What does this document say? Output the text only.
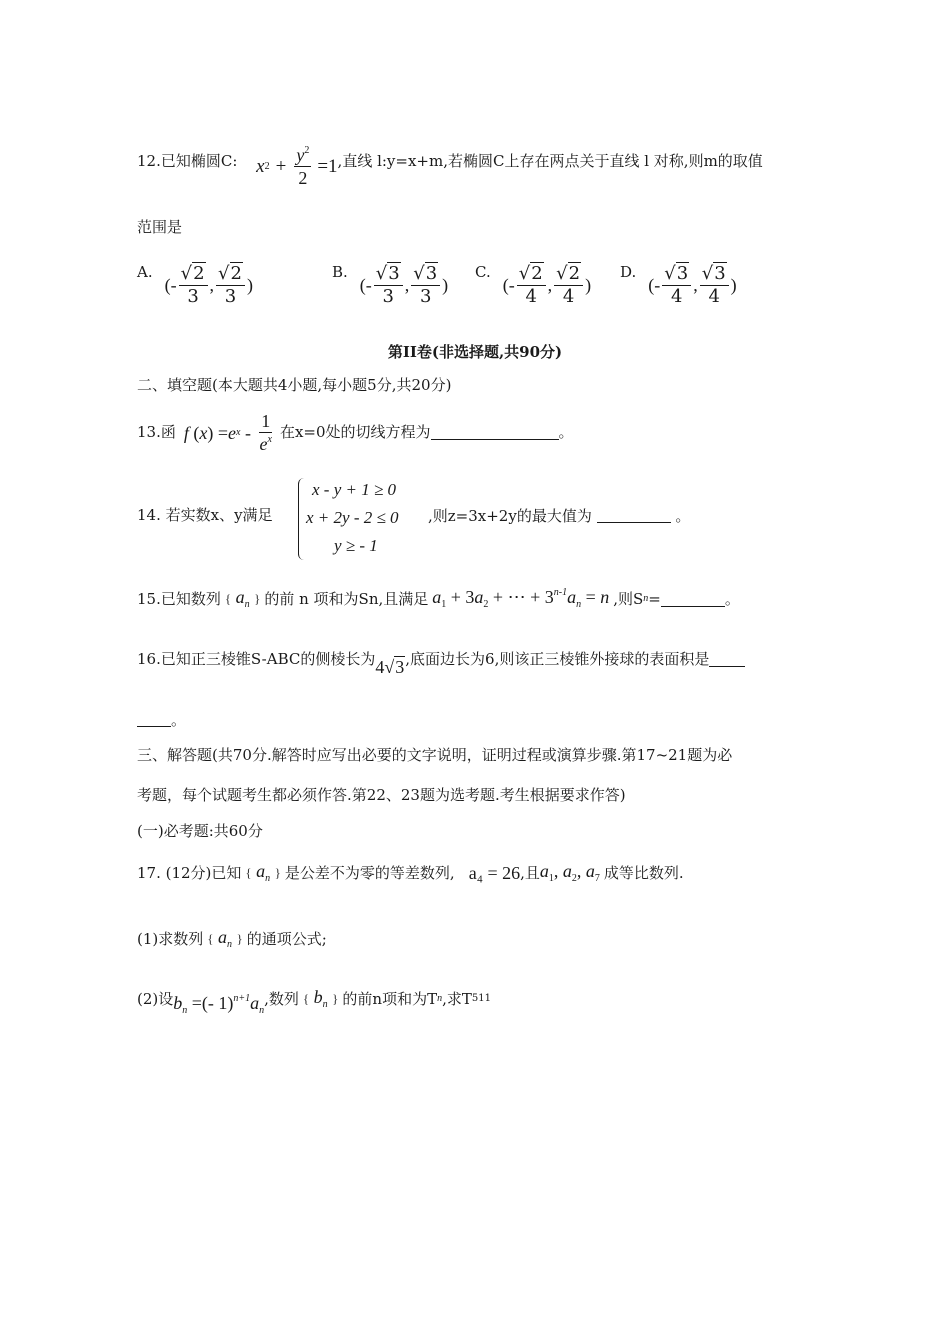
12.已知椭圆C: x $2 + \frac{y^2}{2} =1$ ,直线 l:y=x+m,若椭圆C上存在两点关于直线 l 对称,则m的取值
范围是
A.
(- $\frac{√2}{3}$ , $\frac{√2}{3}$ )
B.
(- $\frac{√3}{3}$ , $\frac{√3}{3}$ )
C.
(- $\frac{√2}{4}$ , $\frac{√2}{4}$ )
D.
(- $\frac{√3}{4}$ , $\frac{√3}{4}$ )
第II卷(非选择题,共90分)
二、填空题(本大题共4小题,每小题5分,共20分)
13.函 f ( x ) = e x - $\frac{1}{e^x}$ 在x=0处的切线方程为	。
14. 若实数x、y满足
x - y + 1 ≥ 0
x + 2y - 2 ≤ 0
y ≥ - 1
,则z=3x+2y的最大值为	。
15.已知数列 { $a_n$ } 的前 n 项和为Sn,且满足 $a_1 + 3a_2$ + ⋯ + $3^{n-1}a_n = n$ ,则S n =	。
16.已知正三棱锥S-ABC的侧棱长为 4√3 ,底面边长为6,则该正三棱锥外接球的表面积是
。
三、解答题(共70分.解答时应写出必要的文字说明，证明过程或演算步骤.第17~21题为必
考题，每个试题考生都必须作答.第22、23题为选考题.考生根据要求作答)
(一)必考题:共60分
17. (12分)已知 { $a_n$ } 是公差不为零的等差数列, a₄ = 26 ,且 $a_1$, $a_2$, $a_7$ 成等比数列.
(1)求数列 { $a_n$ } 的通项公式;
(2)设 $b_n$ =(- $1)^{n+1}a_n$
,数列 { $b_n$ } 的前n项和为T n ,求T 511
